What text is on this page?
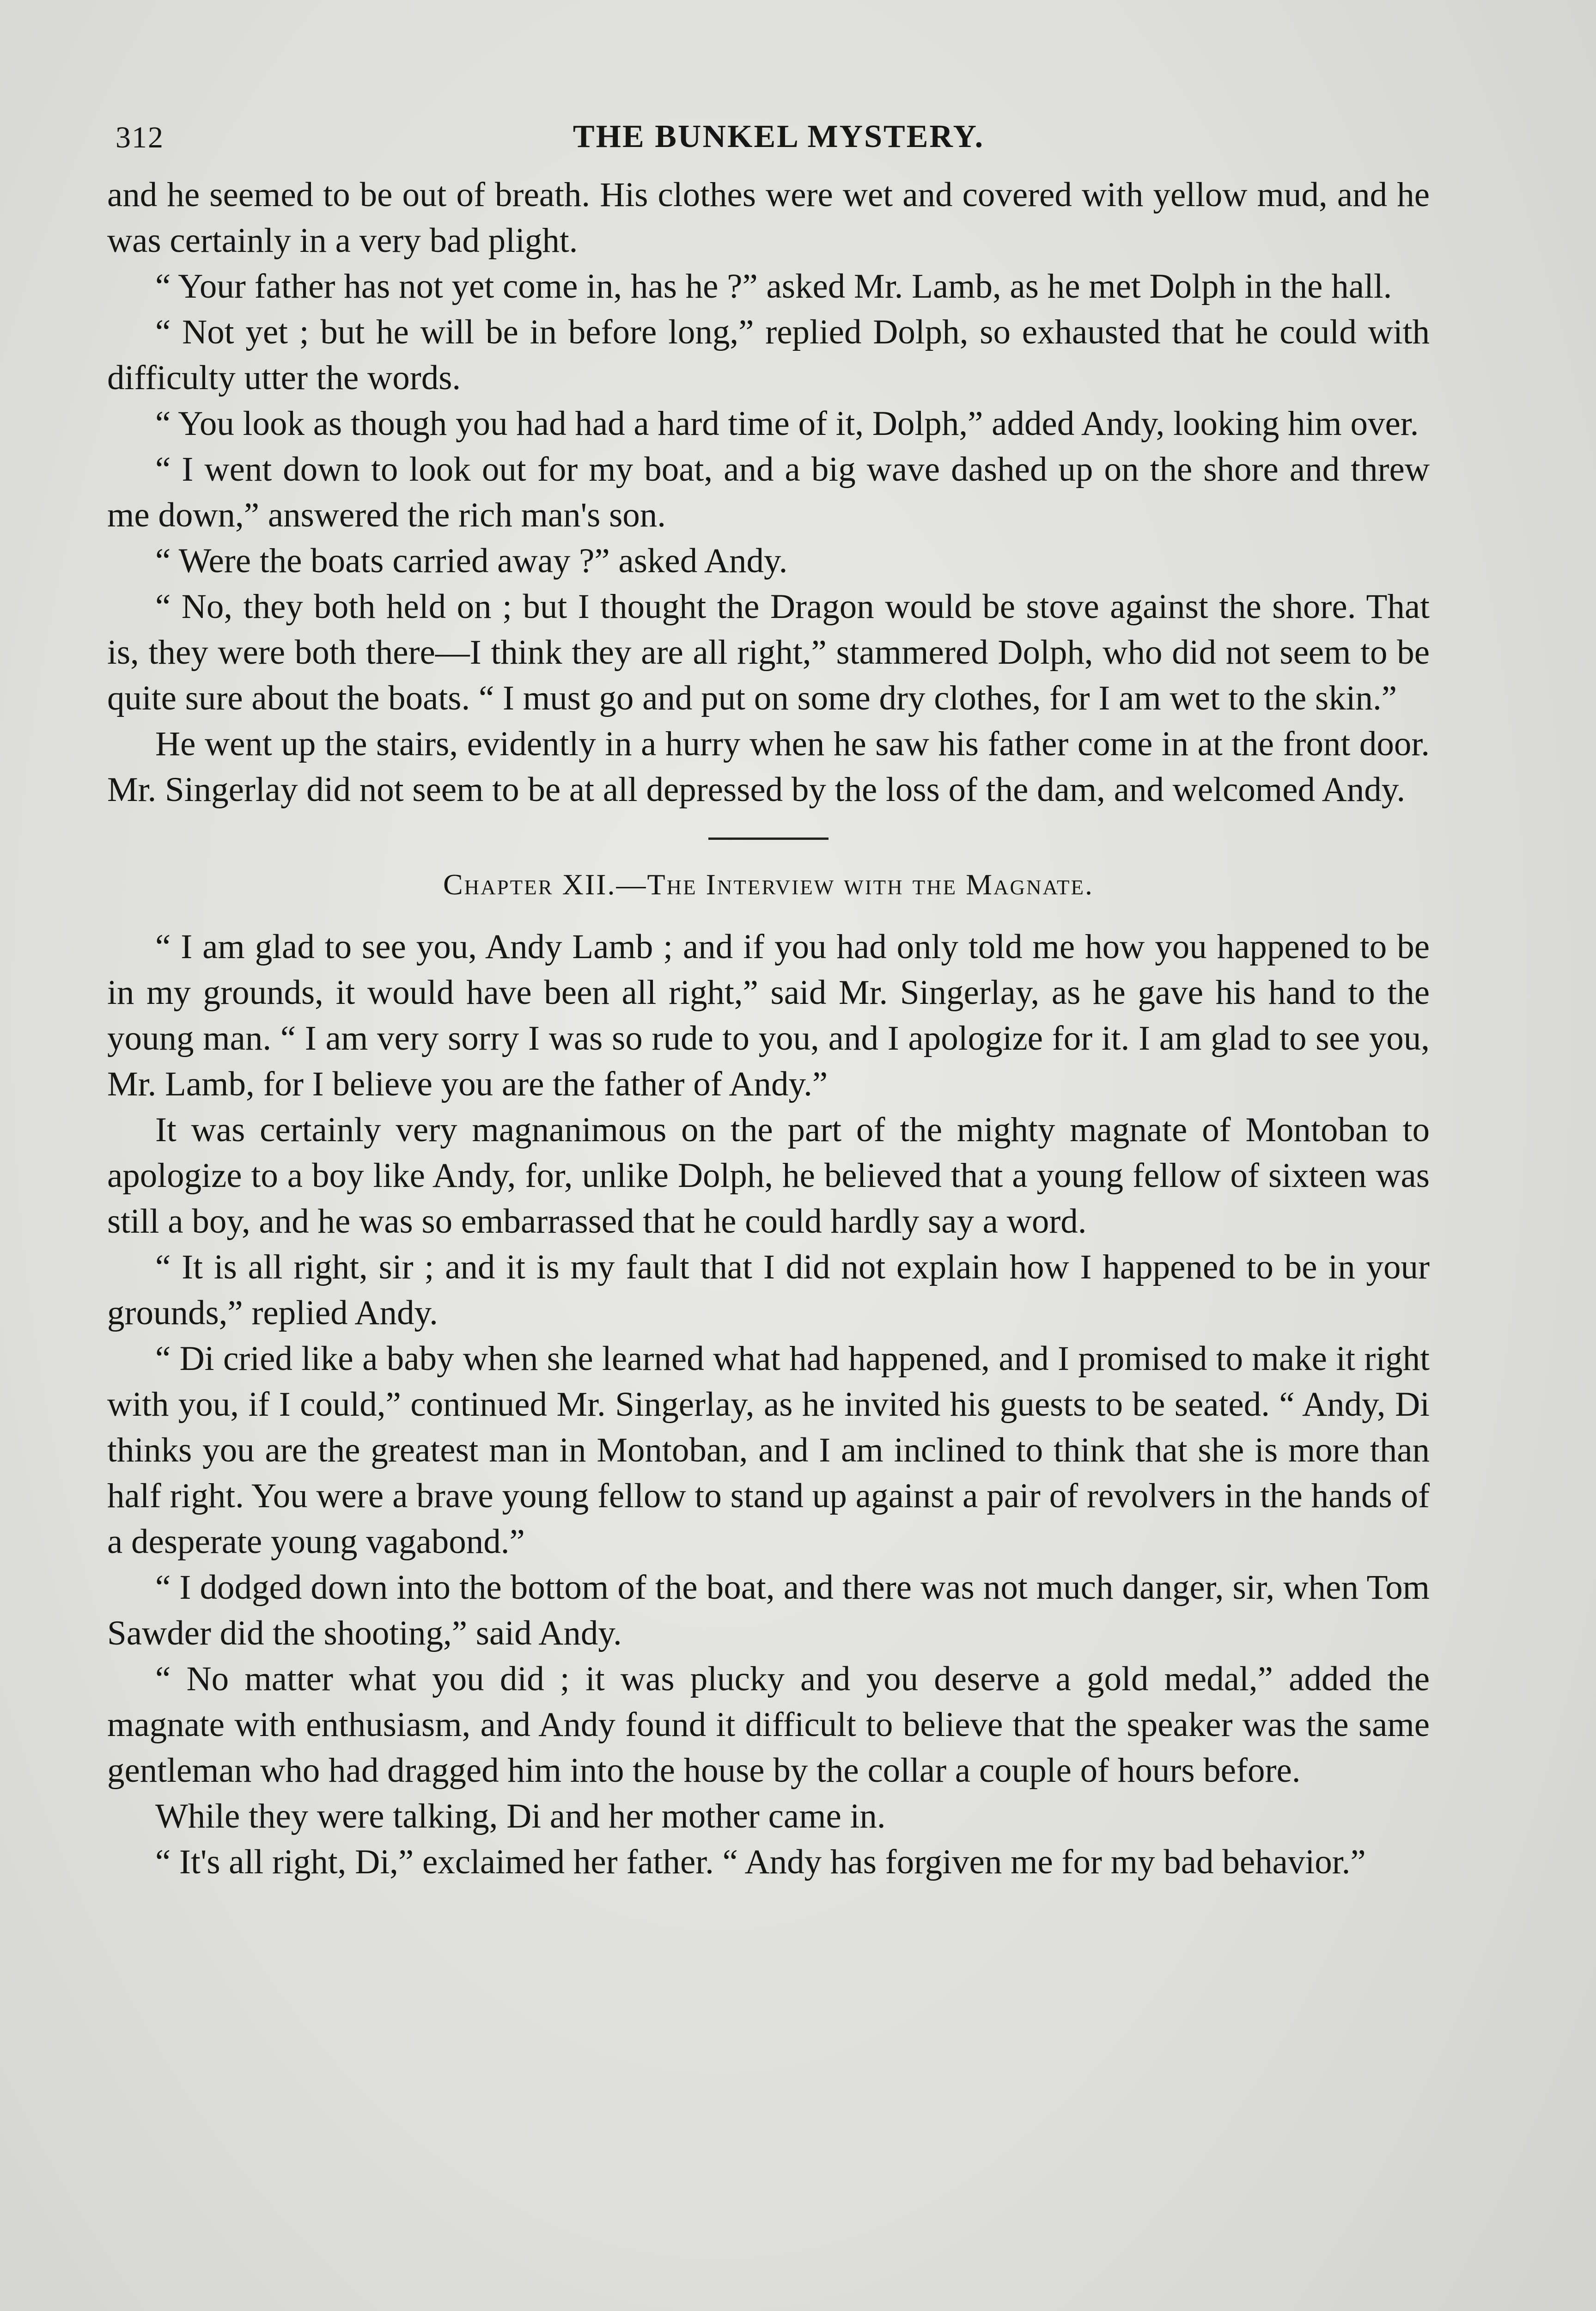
312	THE BUNKEL MYSTERY.

and he seemed to be out of breath. His clothes were wet and covered with yellow mud, and he was certainly in a very bad plight.

“ Your father has not yet come in, has he ?” asked Mr. Lamb, as he met Dolph in the hall.

“ Not yet ; but he will be in before long,” replied Dolph, so exhausted that he could with difficulty utter the words.

“ You look as though you had had a hard time of it, Dolph,” added Andy, looking him over.

“ I went down to look out for my boat, and a big wave dashed up on the shore and threw me down,” answered the rich man's son.

“ Were the boats carried away ?” asked Andy.

“ No, they both held on ; but I thought the Dragon would be stove against the shore. That is, they were both there—I think they are all right,” stammered Dolph, who did not seem to be quite sure about the boats. “ I must go and put on some dry clothes, for I am wet to the skin.”

He went up the stairs, evidently in a hurry when he saw his father come in at the front door. Mr. Singerlay did not seem to be at all depressed by the loss of the dam, and welcomed Andy.

Chapter XII.—The Interview with the Magnate.

“ I am glad to see you, Andy Lamb ; and if you had only told me how you happened to be in my grounds, it would have been all right,” said Mr. Singerlay, as he gave his hand to the young man. “ I am very sorry I was so rude to you, and I apologize for it. I am glad to see you, Mr. Lamb, for I believe you are the father of Andy.”

It was certainly very magnanimous on the part of the mighty magnate of Montoban to apologize to a boy like Andy, for, unlike Dolph, he believed that a young fellow of sixteen was still a boy, and he was so embarrassed that he could hardly say a word.

“ It is all right, sir ; and it is my fault that I did not explain how I happened to be in your grounds,” replied Andy.

“ Di cried like a baby when she learned what had happened, and I promised to make it right with you, if I could,” continued Mr. Singerlay, as he invited his guests to be seated. “ Andy, Di thinks you are the greatest man in Montoban, and I am inclined to think that she is more than half right. You were a brave young fellow to stand up against a pair of revolvers in the hands of a desperate young vagabond.”

“ I dodged down into the bottom of the boat, and there was not much danger, sir, when Tom Sawder did the shooting,” said Andy.

“ No matter what you did ; it was plucky and you deserve a gold medal,” added the magnate with enthusiasm, and Andy found it difficult to believe that the speaker was the same gentleman who had dragged him into the house by the collar a couple of hours before.

While they were talking, Di and her mother came in.

“ It's all right, Di,” exclaimed her father. “ Andy has forgiven me for my bad behavior.”
